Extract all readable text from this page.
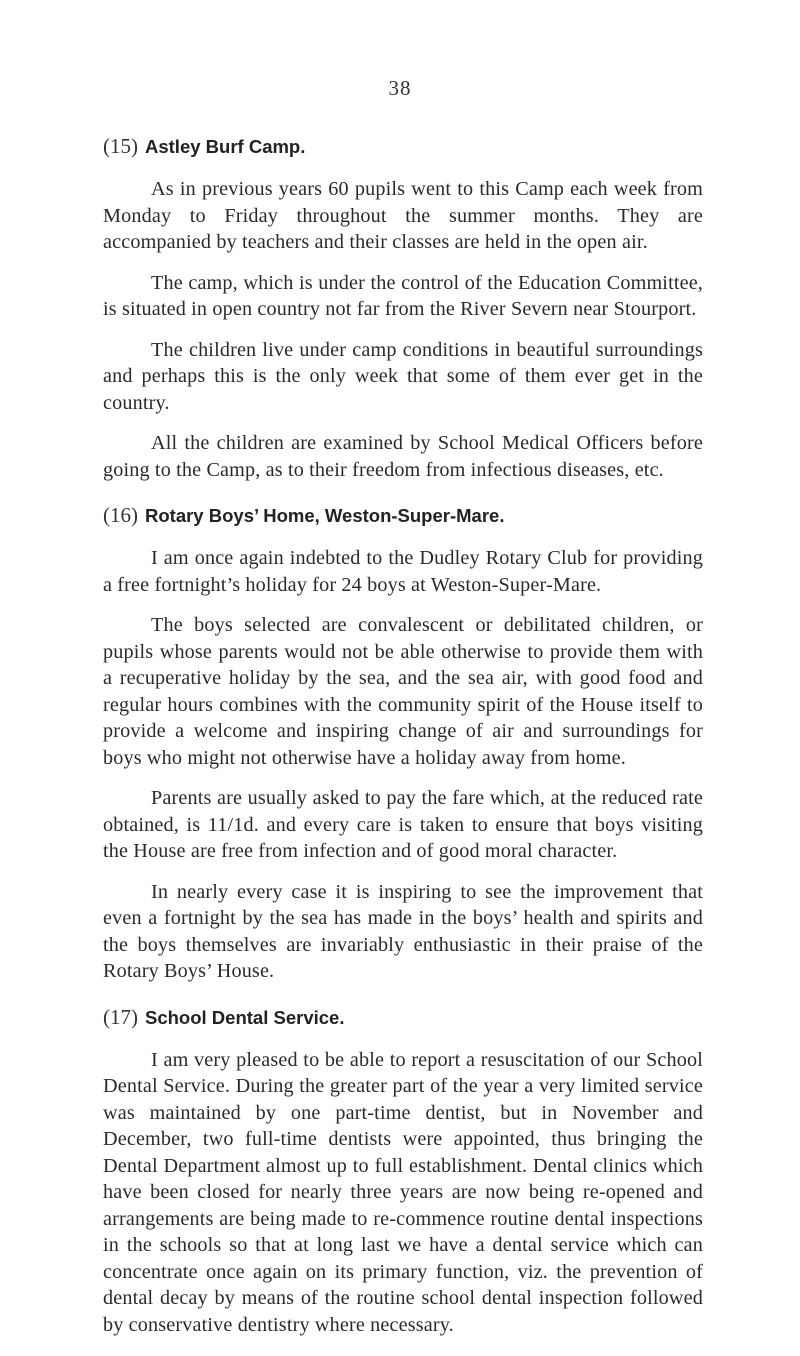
38
(15) Astley Burf Camp.

As in previous years 60 pupils went to this Camp each week from Monday to Friday throughout the summer months. They are accompanied by teachers and their classes are held in the open air.

The camp, which is under the control of the Education Committee, is situated in open country not far from the River Severn near Stourport.

The children live under camp conditions in beautiful surroundings and perhaps this is the only week that some of them ever get in the country.

All the children are examined by School Medical Officers before going to the Camp, as to their freedom from infectious diseases, etc.

(16) Rotary Boys’ Home, Weston-Super-Mare.

I am once again indebted to the Dudley Rotary Club for providing a free fortnight’s holiday for 24 boys at Weston-Super-Mare.

The boys selected are convalescent or debilitated children, or pupils whose parents would not be able otherwise to provide them with a recuperative holiday by the sea, and the sea air, with good food and regular hours combines with the community spirit of the House itself to provide a welcome and inspiring change of air and surroundings for boys who might not otherwise have a holiday away from home.

Parents are usually asked to pay the fare which, at the reduced rate obtained, is 11/1d. and every care is taken to ensure that boys visiting the House are free from infection and of good moral character.

In nearly every case it is inspiring to see the improvement that even a fortnight by the sea has made in the boys’ health and spirits and the boys themselves are invariably enthusiastic in their praise of the Rotary Boys’ House.

(17) School Dental Service.

I am very pleased to be able to report a resuscitation of our School Dental Service. During the greater part of the year a very limited service was maintained by one part-time dentist, but in November and December, two full-time dentists were appointed, thus bringing the Dental Department almost up to full establishment. Dental clinics which have been closed for nearly three years are now being re-opened and arrangements are being made to re-commence routine dental inspections in the schools so that at long last we have a dental service which can concentrate once again on its primary function, viz. the prevention of dental decay by means of the routine school dental inspection followed by conservative dentistry where necessary.
